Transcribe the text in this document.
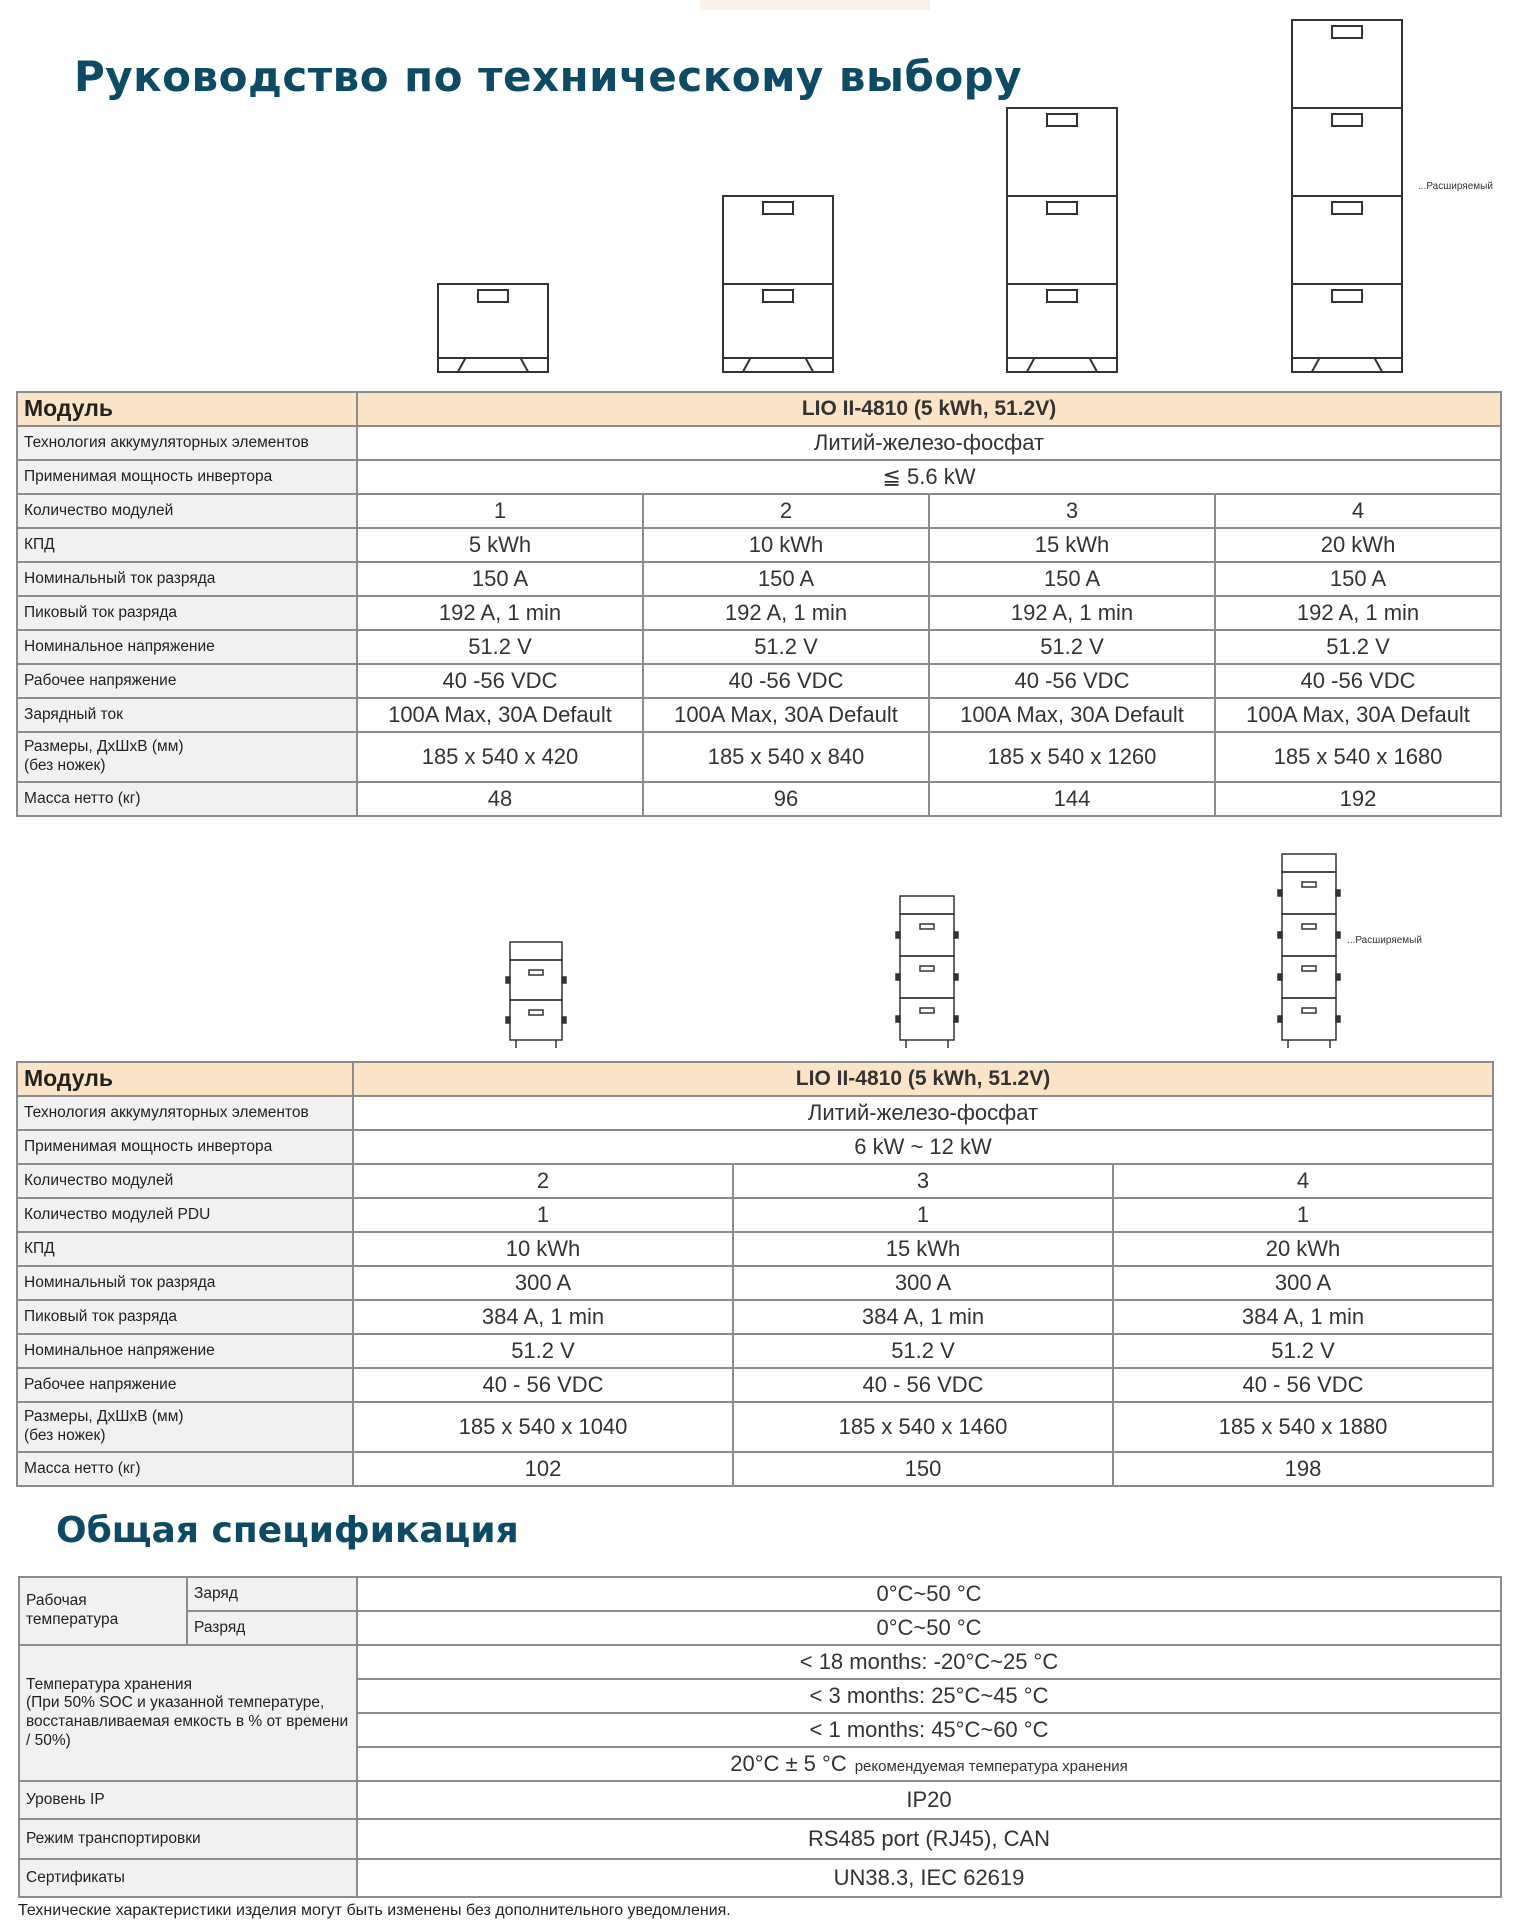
Руководство по техническому выбору
...Расширяемый
Модуль	LIO II-4810 (5 kWh, 51.2V)			
Технология аккумуляторных элементов	Литий-железо-фосфат			
Применимая мощность инвертора	≦ 5.6 kW			
Количество модулей	1	2	3	4
КПД	5 kWh	10 kWh	15 kWh	20 kWh
Номинальный ток разряда	150 A	150 A	150 A	150 A
Пиковый ток разряда	192 A, 1 min	192 A, 1 min	192 A, 1 min	192 A, 1 min
Номинальное напряжение	51.2 V	51.2 V	51.2 V	51.2 V
Рабочее напряжение	40 -56 VDC	40 -56 VDC	40 -56 VDC	40 -56 VDC
Зарядный ток	100A Max, 30A Default	100A Max, 30A Default	100A Max, 30A Default	100A Max, 30A Default
Размеры, ДxШxВ (мм)
(без ножек)	185 x 540 x 420	185 x 540 x 840	185 x 540 x 1260	185 x 540 x 1680
Масса нетто (кг)	48	96	144	192
...Расширяемый
Модуль	LIO II-4810 (5 kWh, 51.2V)		
Технология аккумуляторных элементов	Литий-железо-фосфат		
Применимая мощность инвертора	6 kW ~ 12 kW		
Количество модулей	2	3	4
Количество модулей PDU	1	1	1
КПД	10 kWh	15 kWh	20 kWh
Номинальный ток разряда	300 A	300 A	300 A
Пиковый ток разряда	384 A, 1 min	384 A, 1 min	384 A, 1 min
Номинальное напряжение	51.2 V	51.2 V	51.2 V
Рабочее напряжение	40 - 56 VDC	40 - 56 VDC	40 - 56 VDC
Размеры, ДxШxВ (мм)
(без ножек)	185 x 540 x 1040	185 x 540 x 1460	185 x 540 x 1880
Масса нетто (кг)	102	150	198
Общая спецификация
Рабочая температура	Заряд	0°C~50 °C
	Разряд	0°C~50 °C
Температура хранения
(При 50% SOC и указанной температуре, восстанавливаемая емкость в % от времени / 50%)		< 18 months: -20°C~25 °C
		< 3 months: 25°C~45 °C
		< 1 months: 45°C~60 °C
		20°C ± 5 °C рекомендуемая температура хранения
Уровень IP		IP20
Режим транспортировки		RS485 port (RJ45), CAN
Сертификаты		UN38.3, IEC 62619
Технические характеристики изделия могут быть изменены без дополнительного уведомления.
